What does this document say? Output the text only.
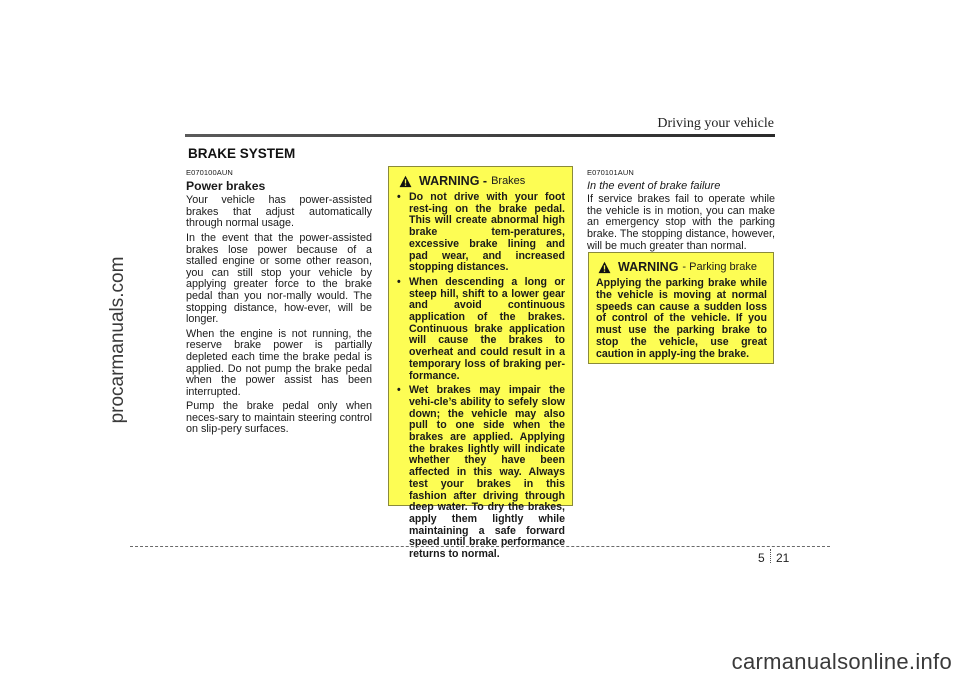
procarmanuals.com
Driving your vehicle
BRAKE SYSTEM
E070100AUN
Power brakes

Your vehicle has power-assisted brakes that adjust automatically through normal usage.

In the event that the power-assisted brakes lose power because of a stalled engine or some other reason, you can still stop your vehicle by applying greater force to the brake pedal than you nor-mally would. The stopping distance, how-ever, will be longer.

When the engine is not running, the reserve brake power is partially depleted each time the brake pedal is applied. Do not pump the brake pedal when the power assist has been interrupted.

Pump the brake pedal only when neces-sary to maintain steering control on slip-pery surfaces.

WARNING - Brakes
• Do not drive with your foot rest-ing on the brake pedal. This will create abnormal high brake tem-peratures, excessive brake lining and pad wear, and increased stopping distances.
• When descending a long or steep hill, shift to a lower gear and avoid continuous application of the brakes. Continuous brake application will cause the brakes to overheat and could result in a temporary loss of braking per-formance.
• Wet brakes may impair the vehi-cle’s ability to sefely slow down; the vehicle may also pull to one side when the brakes are applied. Applying the brakes lightly will indicate whether they have been affected in this way. Always test your brakes in this fashion after driving through deep water. To dry the brakes, apply them lightly while maintaining a safe forward speed until brake performance returns to normal.
E070101AUN
In the event of brake failure

If service brakes fail to operate while the vehicle is in motion, you can make an emergency stop with the parking brake. The stopping distance, however, will be much greater than normal.

WARNING - Parking brake

Applying the parking brake while the vehicle is moving at normal speeds can cause a sudden loss of control of the vehicle. If you must use the parking brake to stop the vehicle, use great caution in apply-ing the brake.

5 21
carmanualsonline.info
